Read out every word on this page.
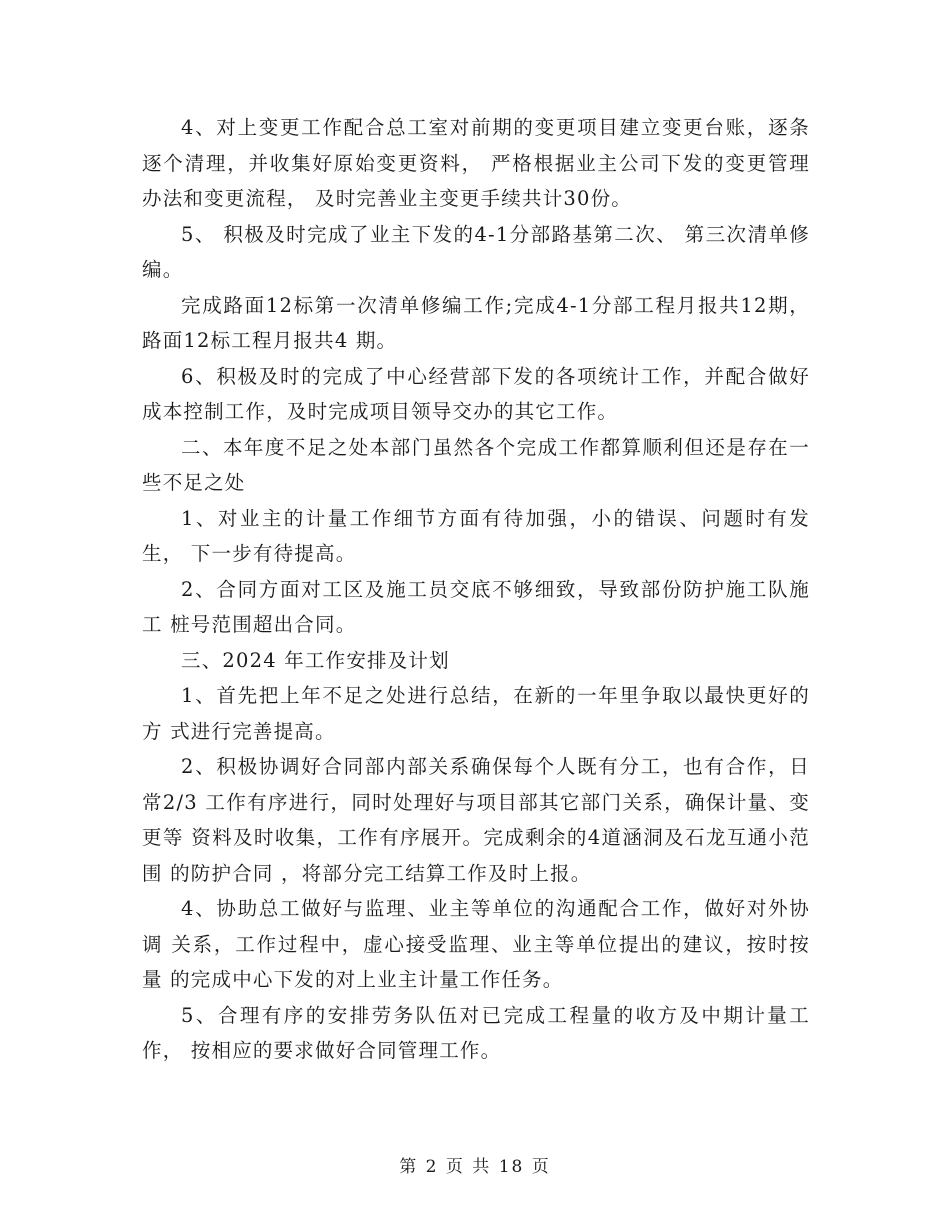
4、对上变更工作配合总工室对前期的变更项目建立变更台账，逐条逐个清理，并收集好原始变更资料， 严格根据业主公司下发的变更管理办法和变更流程， 及时完善业主变更手续共计30份。

5、 积极及时完成了业主下发的4-1分部路基第二次、 第三次清单修编。

完成路面12标第一次清单修编工作;完成4-1分部工程月报共12期， 路面12标工程月报共4 期。

6、积极及时的完成了中心经营部下发的各项统计工作，并配合做好成本控制工作，及时完成项目领导交办的其它工作。

二、本年度不足之处本部门虽然各个完成工作都算顺利但还是存在一些不足之处

1、对业主的计量工作细节方面有待加强，小的错误、问题时有发生， 下一步有待提高。

2、合同方面对工区及施工员交底不够细致，导致部份防护施工队施工 桩号范围超出合同。

三、2024 年工作安排及计划

1、首先把上年不足之处进行总结，在新的一年里争取以最快更好的方 式进行完善提高。

2、积极协调好合同部内部关系确保每个人既有分工，也有合作，日常2/3 工作有序进行，同时处理好与项目部其它部门关系，确保计量、变更等 资料及时收集，工作有序展开。完成剩余的4道涵洞及石龙互通小范围 的防护合同 ，将部分完工结算工作及时上报。

4、协助总工做好与监理、业主等单位的沟通配合工作，做好对外协调 关系，工作过程中，虚心接受监理、业主等单位提出的建议，按时按量 的完成中心下发的对上业主计量工作任务。

5、合理有序的安排劳务队伍对已完成工程量的收方及中期计量工作， 按相应的要求做好合同管理工作。

第 2 页 共 18 页
